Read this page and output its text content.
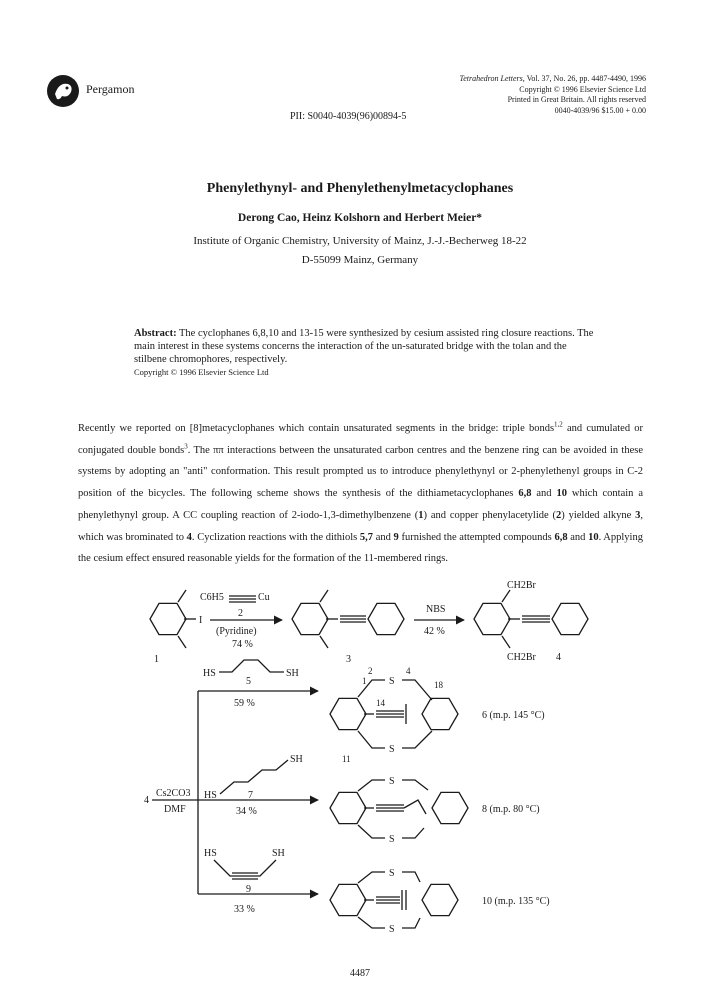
Pergamon
Tetrahedron Letters, Vol. 37, No. 26, pp. 4487-4490, 1996
Copyright © 1996 Elsevier Science Ltd
Printed in Great Britain. All rights reserved
0040-4039/96 $15.00 + 0.00
PII: S0040-4039(96)00894-5
Phenylethynyl- and Phenylethenylmetacyclophanes
Derong Cao, Heinz Kolshorn and Herbert Meier*
Institute of Organic Chemistry, University of Mainz, J.-J.-Becherweg 18-22
D-55099 Mainz, Germany
Abstract: The cyclophanes 6,8,10 and 13-15 were synthesized by cesium assisted ring closure reactions. The main interest in these systems concerns the interaction of the un-saturated bridge with the tolan and the stilbene chromophores, respectively.
Copyright © 1996 Elsevier Science Ltd
Recently we reported on [8]metacyclophanes which contain unsaturated segments in the bridge: triple bonds$^{1,2}$ and cumulated or conjugated double bonds$^3$. The ππ interactions between the unsaturated carbon centres and the benzene ring can be avoided in these systems by adopting an "anti" conformation. This result prompted us to introduce phenylethynyl or 2-phenylethenyl groups in C-2 position of the bicycles. The following scheme shows the synthesis of the dithiametacyclophanes 6,8 and 10 which contain a phenylethynyl group. A CC coupling reaction of 2-iodo-1,3-dimethylbenzene (1) and copper phenylacetylide (2) yielded alkyne 3, which was brominated to 4. Cyclization reactions with the dithiols 5,7 and 9 furnished the attempted compounds 6,8 and 10. Applying the cesium effect ensured reasonable yields for the formation of the 11-membered rings.
I
1
C6H5	Cu
2
(Pyridine)
74 %
3
NBS
42 %
CH2Br
CH2Br 4
4
Cs2CO3
DMF
HS	SH
5
59 %
HS
SH
7
34 %
HS	SH
9
33 %
S
S
1
2	4
14
18
11
6 (m.p. 145 °C)
S
S
8 (m.p. 80 °C)
S
S
10 (m.p. 135 °C)
4487
